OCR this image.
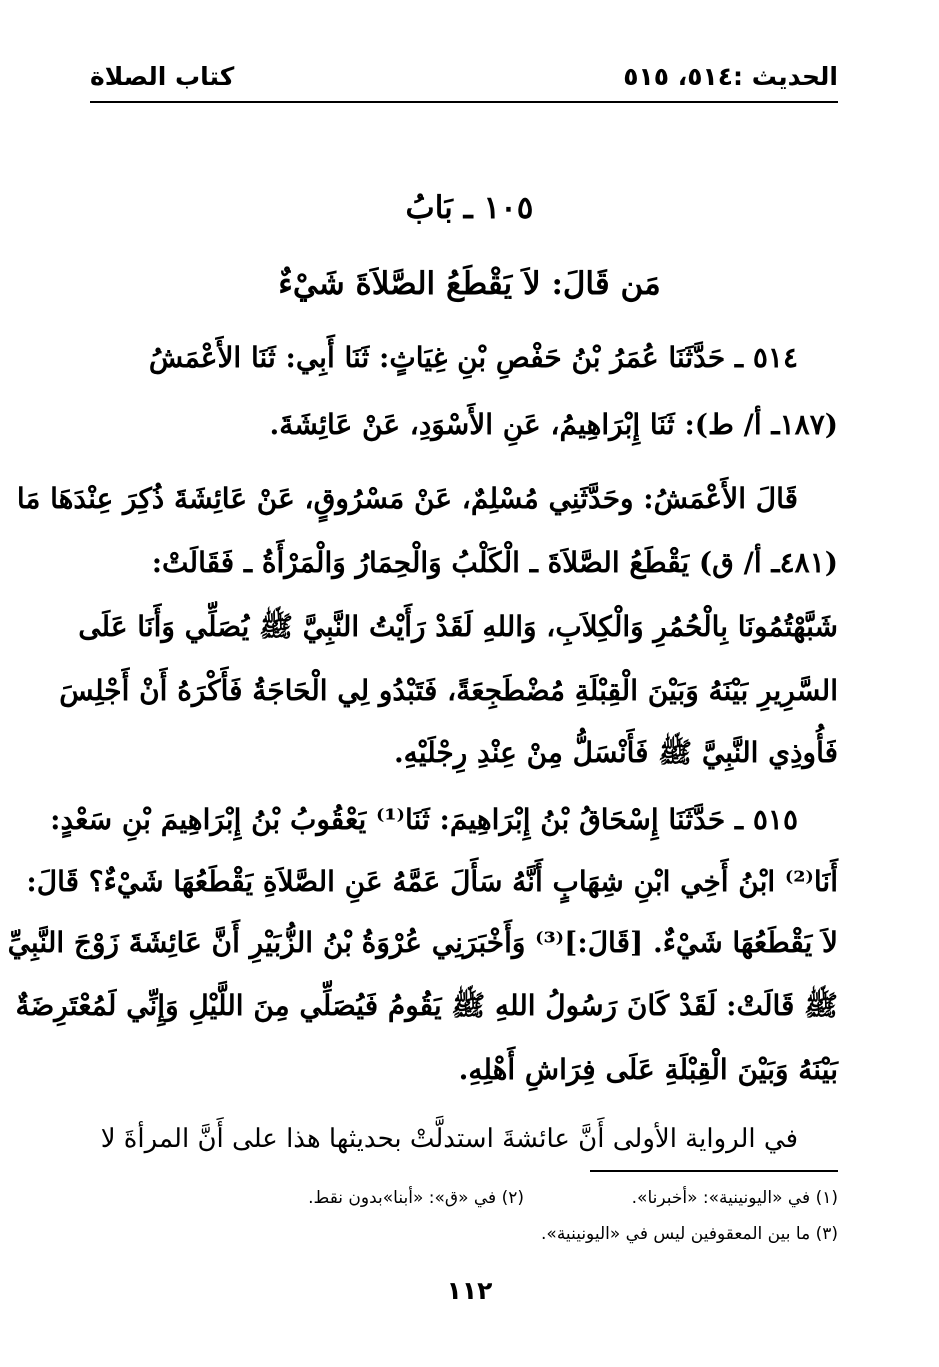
الحديث :٥١٤، ٥١٥
كتاب الصلاة
١٠٥ ـ بَابُ
مَن قَالَ: لاَ يَقْطَعُ الصَّلاَةَ شَيْءٌ
٥١٤ ـ حَدَّثَنَا عُمَرُ بْنُ حَفْصِ بْنِ غِيَاثٍ: ثَنَا أَبِي: ثَنَا الأَعْمَشُ
(١٨٧ـ أ/ ط): ثَنَا إِبْرَاهِيمُ، عَنِ الأَسْوَدِ، عَنْ عَائِشَةَ.
قَالَ الأَعْمَشُ: وحَدَّثَنِي مُسْلِمٌ، عَنْ مَسْرُوقٍ، عَنْ عَائِشَةَ ذُكِرَ عِنْدَهَا مَا
(٤٨١ـ أ/ ق) يَقْطَعُ الصَّلاَةَ ـ الْكَلْبُ وَالْحِمَارُ وَالْمَرْأَةُ ـ فَقَالَتْ:
شَبَّهْتُمُونَا بِالْحُمُرِ وَالْكِلاَبِ، وَاللهِ لَقَدْ رَأَيْتُ النَّبِيَّ ﷺ يُصَلِّي وَأَنَا عَلَى
السَّرِيرِ بَيْنَهُ وَبَيْنَ الْقِبْلَةِ مُضْطَجِعَةً، فَتَبْدُو لِي الْحَاجَةُ فَأَكْرَهُ أَنْ أَجْلِسَ
فَأُوذِي النَّبِيَّ ﷺ فَأَنْسَلُّ مِنْ عِنْدِ رِجْلَيْهِ.
٥١٥ ـ حَدَّثَنَا إِسْحَاقُ بْنُ إِبْرَاهِيمَ: ثَنَا⁽¹⁾ يَعْقُوبُ بْنُ إِبْرَاهِيمَ بْنِ سَعْدٍ:
أَنَا⁽²⁾ ابْنُ أَخِي ابْنِ شِهَابٍ أَنَّهُ سَأَلَ عَمَّهُ عَنِ الصَّلاَةِ يَقْطَعُهَا شَيْءٌ؟ قَالَ:
لاَ يَقْطَعُهَا شَيْءٌ. [قَالَ:]⁽³⁾ وَأَخْبَرَنِي عُرْوَةُ بْنُ الزُّبَيْرِ أَنَّ عَائِشَةَ زَوْجَ النَّبِيِّ
ﷺ قَالَتْ: لَقَدْ كَانَ رَسُولُ اللهِ ﷺ يَقُومُ فَيُصَلِّي مِنَ اللَّيْلِ وَإِنِّي لَمُعْتَرِضَةٌ
بَيْنَهُ وَبَيْنَ الْقِبْلَةِ عَلَى فِرَاشِ أَهْلِهِ.
في الرواية الأولى أَنَّ عائشةَ استدلَّتْ بحديثها هذا على أَنَّ المرأةَ لا
(١) في «اليونينية»: «أخبرنا».
(٢) في «ق»: «أبنا»بدون نقط.
(٣) ما بين المعقوفين ليس في «اليونينية».
١١٢
